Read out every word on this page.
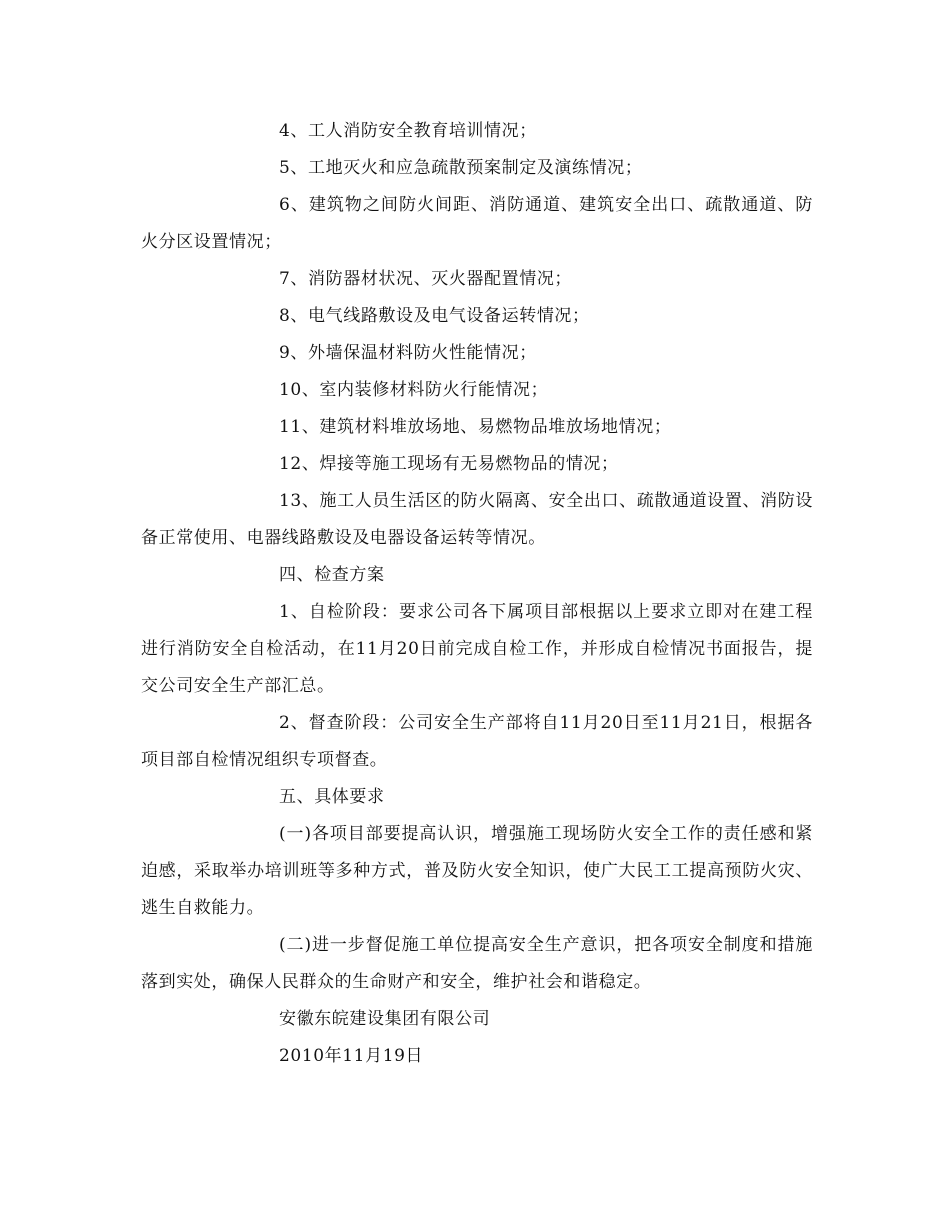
4、工人消防安全教育培训情况；

5、工地灭火和应急疏散预案制定及演练情况；

6、建筑物之间防火间距、消防通道、建筑安全出口、疏散通道、防火分区设置情况；

7、消防器材状况、灭火器配置情况；

8、电气线路敷设及电气设备运转情况；

9、外墙保温材料防火性能情况；

10、室内装修材料防火行能情况；

11、建筑材料堆放场地、易燃物品堆放场地情况；

12、焊接等施工现场有无易燃物品的情况；

13、施工人员生活区的防火隔离、安全出口、疏散通道设置、消防设备正常使用、电器线路敷设及电器设备运转等情况。

四、检查方案

1、自检阶段：要求公司各下属项目部根据以上要求立即对在建工程进行消防安全自检活动，在11月20日前完成自检工作，并形成自检情况书面报告，提交公司安全生产部汇总。

2、督查阶段：公司安全生产部将自11月20日至11月21日，根据各项目部自检情况组织专项督查。

五、具体要求

(一)各项目部要提高认识，增强施工现场防火安全工作的责任感和紧迫感，采取举办培训班等多种方式，普及防火安全知识，使广大民工工提高预防火灾、逃生自救能力。

(二)进一步督促施工单位提高安全生产意识，把各项安全制度和措施落到实处，确保人民群众的生命财产和安全，维护社会和谐稳定。

安徽东皖建设集团有限公司

2010年11月19日
